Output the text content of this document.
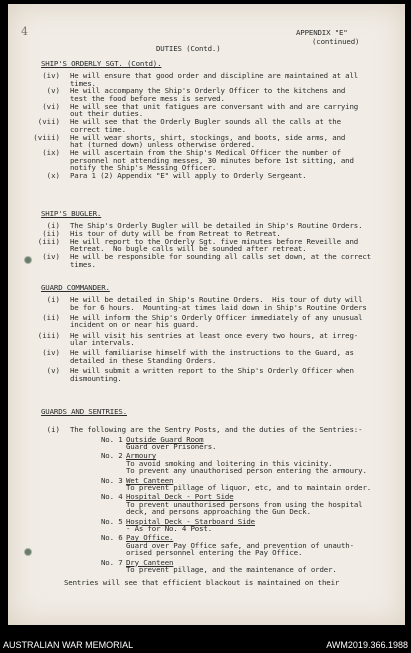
4	APPENDIX "E"
(continued)
DUTIES (Contd.)
SHIP'S ORDERLY SGT. (Contd).
(iv) He will ensure that good order and discipline are maintained at all
times.
(v) He will accompany the Ship's Orderly Officer to the kitchens and
test the food before mess is served.
(vi) He will see that unit fatigues are conversant with and are carrying
out their duties.
(vii) He will see that the Orderly Bugler sounds all the calls at the
correct time.
(viii) He will wear shorts, shirt, stockings, and boots, side arms, and
hat (turned down) unless otherwise ordered.
(ix) He will ascertain from the Ship's Medical Officer the number of
personnel not attending messes, 30 minutes before 1st sitting, and
notify the Ship's Messing Officer.
(x) Para 1 (2) Appendix "E" will apply to Orderly Sergeant.
SHIP'S BUGLER.
(i) The Ship's Orderly Bugler will be detailed in Ship's Routine Orders.
(ii) His tour of duty will be from Retreat to Retreat.
(iii) He will report to the Orderly Sgt. five minutes before Reveille and
Retreat.  No bugle calls will be sounded after retreat.
(iv) He will be responsible for sounding all calls set down, at the correct
times.
GUARD COMMANDER.
(i) He will be detailed in Ship's Routine Orders.  His tour of duty will
be for 6 hours.  Mounting-at times laid down in Ship's Routine Orders
(ii) He will inform the Ship's Orderly Officer immediately of any unusual
incident on or near his guard.
(iii) He will visit his sentries at least once every two hours, at irreg-
ular intervals.
(iv) He will familiarise himself with the instructions to the Guard, as
detailed in these Standing Orders.
(v) He will submit a written report to the Ship's Orderly Officer when
dismounting.
GUARDS AND SENTRIES.
(i) The following are the Sentry Posts, and the duties of the Sentries:-
No. 1 Outside Guard Room
Guard over Prisoners.
No. 2 Armoury
To avoid smoking and loitering in this vicinity.
To prevent any unauthorised person entering the armoury.
No. 3 Wet Canteen
To prevent pillage of liquor, etc, and to maintain order.
No. 4 Hospital Deck - Port Side
To prevent unauthorised persons from using the hospital
deck, and persons approaching the Gun Deck.
No. 5 Hospital Deck - Starboard Side
- As for No. 4 Post.
No. 6 Pay Office.
Guard over Pay Office safe, and prevention of unauth-
orised personnel entering the Pay Office.
No. 7 Dry Canteen
To prevent pillage, and the maintenance of order.
Sentries will see that efficient blackout is maintained on their
AUSTRALIAN WAR MEMORIAL	AWM2019.366.1988
